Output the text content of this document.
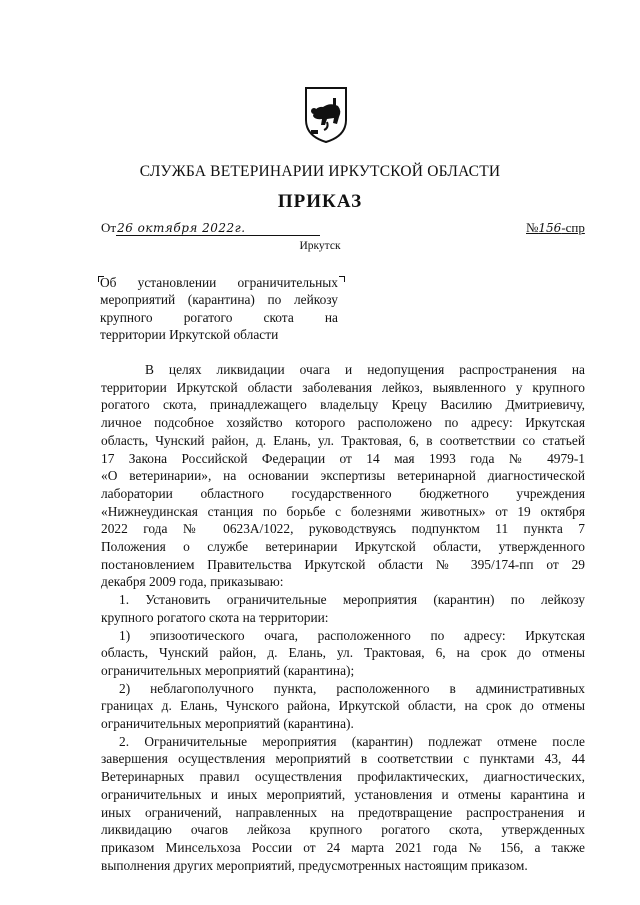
СЛУЖБА ВЕТЕРИНАРИИ ИРКУТСКОЙ ОБЛАСТИ
ПРИКАЗ
От 26 октября 2022г.	№156-спр
Иркутск
Об установлении ограничительных
мероприятий (карантина) по лейкозу
крупного рогатого скота на
территории Иркутской области
В целях ликвидации очага и недопущения распространения на
территории Иркутской области заболевания лейкоз, выявленного у крупного
рогатого скота, принадлежащего владельцу Крецу Василию Дмитриевичу,
личное подсобное хозяйство которого расположено по адресу: Иркутская
область, Чунский район, д. Елань, ул. Трактовая, 6, в соответствии со статьей
17 Закона Российской Федерации от 14 мая 1993 года № 4979-1
«О ветеринарии», на основании экспертизы ветеринарной диагностической
лаборатории областного государственного бюджетного учреждения
«Нижнеудинская станция по борьбе с болезнями животных» от 19 октября
2022 года № 0623А/1022, руководствуясь подпунктом 11 пункта 7
Положения о службе ветеринарии Иркутской области, утвержденного
постановлением Правительства Иркутской области № 395/174-пп от 29
декабря 2009 года, приказываю:
1. Установить ограничительные мероприятия (карантин) по лейкозу
крупного рогатого скота на территории:
1) эпизоотического очага, расположенного по адресу: Иркутская
область, Чунский район, д. Елань, ул. Трактовая, 6, на срок до отмены
ограничительных мероприятий (карантина);
2) неблагополучного пункта, расположенного в административных
границах д. Елань, Чунского района, Иркутской области, на срок до отмены
ограничительных мероприятий (карантина).
2. Ограничительные мероприятия (карантин) подлежат отмене после
завершения осуществления мероприятий в соответствии с пунктами 43, 44
Ветеринарных правил осуществления профилактических, диагностических,
ограничительных и иных мероприятий, установления и отмены карантина и
иных ограничений, направленных на предотвращение распространения и
ликвидацию очагов лейкоза крупного рогатого скота, утвержденных
приказом Минсельхоза России от 24 марта 2021 года № 156, а также
выполнения других мероприятий, предусмотренных настоящим приказом.
